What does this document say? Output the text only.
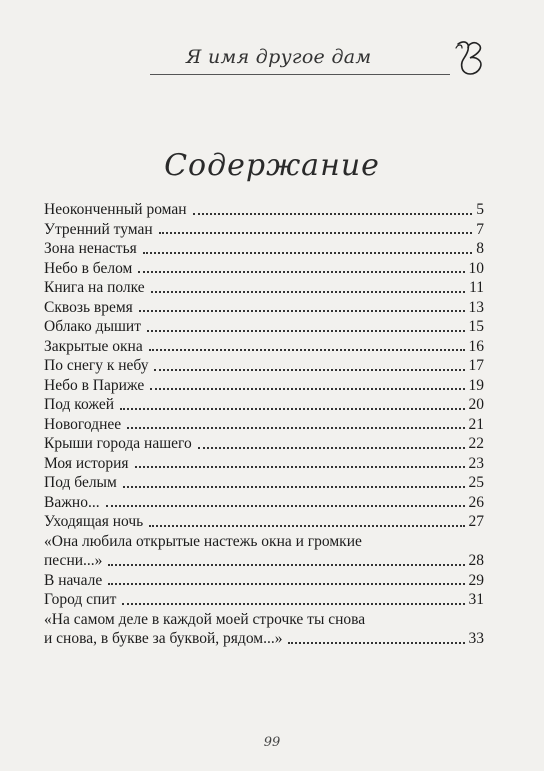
Я имя другое дам
Содержание
Неоконченный роман	5
Утренний туман	7
Зона ненастья	8
Небо в белом	10
Книга на полке	11
Сквозь время	13
Облако дышит	15
Закрытые окна	16
По снегу к небу	17
Небо в Париже	19
Под кожей	20
Новогоднее	21
Крыши города нашего	22
Моя история	23
Под белым	25
Важно...	26
Уходящая ночь	27
«Она любила открытые настежь окна и громкие
песни...»	28
В начале	29
Город спит	31
«На самом деле в каждой моей строчке ты снова
и снова, в букве за буквой, рядом...»	33
99
